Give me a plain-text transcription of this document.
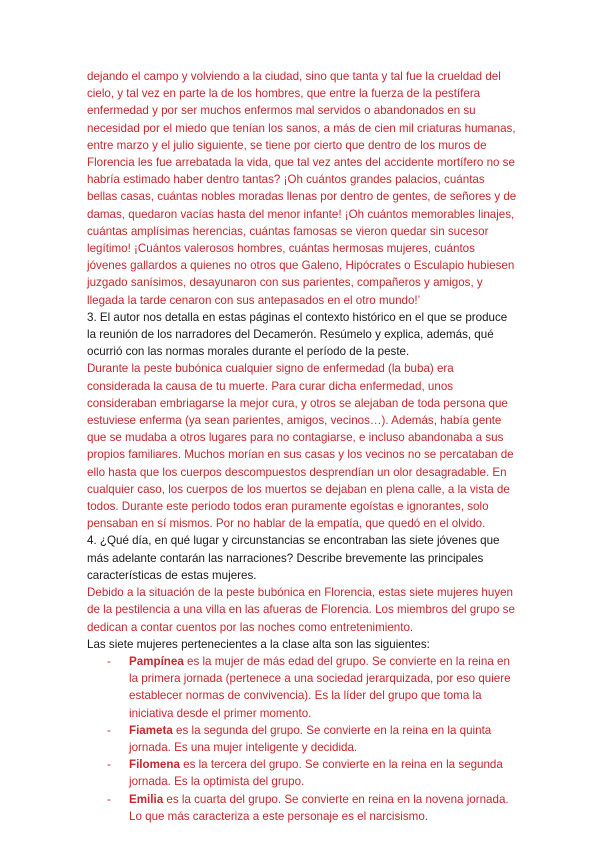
dejando el campo y volviendo a la ciudad, sino que tanta y tal fue la crueldad del cielo, y tal vez en parte la de los hombres, que entre la fuerza de la pestífera enfermedad y por ser muchos enfermos mal servidos o abandonados en su necesidad por el miedo que tenían los sanos, a más de cien mil criaturas humanas, entre marzo y el julio siguiente, se tiene por cierto que dentro de los muros de Florencia les fue arrebatada la vida, que tal vez antes del accidente mortífero no se habría estimado haber dentro tantas? ¡Oh cuántos grandes palacios, cuántas bellas casas, cuántas nobles moradas llenas por dentro de gentes, de señores y de damas, quedaron vacías hasta del menor infante! ¡Oh cuántos memorables linajes, cuántas amplísimas herencias, cuántas famosas se vieron quedar sin sucesor legítimo! ¡Cuántos valerosos hombres, cuántas hermosas mujeres, cuántos jóvenes gallardos a quienes no otros que Galeno, Hipócrates o Esculapio hubiesen juzgado sanísimos, desayunaron con sus parientes, compañeros y amigos, y llegada la tarde cenaron con sus antepasados en el otro mundo!’

3. El autor nos detalla en estas páginas el contexto histórico en el que se produce la reunión de los narradores del Decamerón. Resúmelo y explica, además, qué ocurrió con las normas morales durante el período de la peste.

Durante la peste bubónica cualquier signo de enfermedad (la buba) era considerada la causa de tu muerte. Para curar dicha enfermedad, unos consideraban embriagarse la mejor cura, y otros se alejaban de toda persona que estuviese enferma (ya sean parientes, amigos, vecinos…). Además, había gente que se mudaba a otros lugares para no contagiarse, e incluso abandonaba a sus propios familiares. Muchos morían en sus casas y los vecinos no se percataban de ello hasta que los cuerpos descompuestos desprendían un olor desagradable. En cualquier caso, los cuerpos de los muertos se dejaban en plena calle, a la vista de todos. Durante este periodo todos eran puramente egoístas e ignorantes, solo pensaban en sí mismos. Por no hablar de la empatía, que quedó en el olvido.

4. ¿Qué día, en qué lugar y circunstancias se encontraban las siete jóvenes que más adelante contarán las narraciones? Describe brevemente las principales características de estas mujeres.

Debido a la situación de la peste bubónica en Florencia, estas siete mujeres huyen de la pestilencia a una villa en las afueras de Florencia. Los miembros del grupo se dedican a contar cuentos por las noches como entretenimiento.

Las siete mujeres pertenecientes a la clase alta son las siguientes:

- Pampínea es la mujer de más edad del grupo. Se convierte en la reina en la primera jornada (pertenece a una sociedad jerarquizada, por eso quiere establecer normas de convivencia). Es la líder del grupo que toma la iniciativa desde el primer momento.
- Fiameta es la segunda del grupo. Se convierte en la reina en la quinta jornada. Es una mujer inteligente y decidida.
- Filomena es la tercera del grupo. Se convierte en la reina en la segunda jornada. Es la optimista del grupo.
- Emilia es la cuarta del grupo. Se convierte en reina en la novena jornada. Lo que más caracteriza a este personaje es el narcisismo.
